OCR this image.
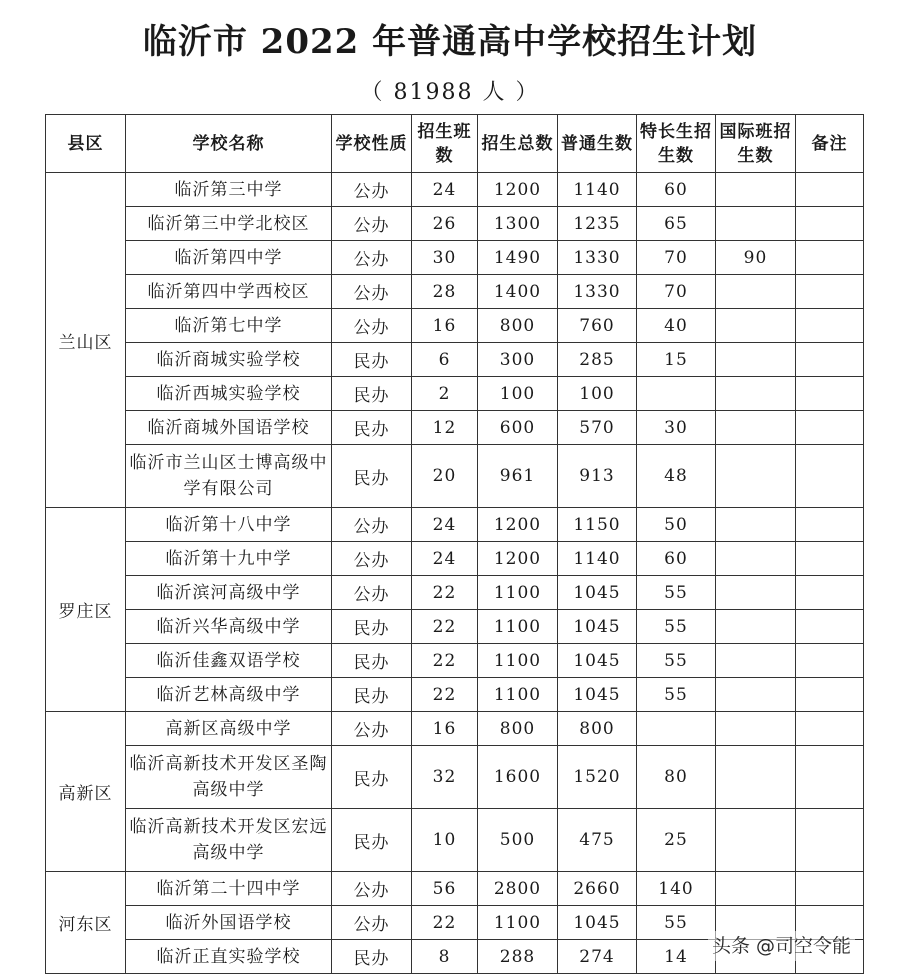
临沂市 2022 年普通高中学校招生计划
（ 81988 人 ）
县区	学校名称	学校性质	招生班数	招生总数	普通生数	特长生招生数	国际班招生数	备注
兰山区	临沂第三中学	公办	24	1200	1140	60		
	临沂第三中学北校区	公办	26	1300	1235	65		
	临沂第四中学	公办	30	1490	1330	70	90	
	临沂第四中学西校区	公办	28	1400	1330	70		
	临沂第七中学	公办	16	800	760	40		
	临沂商城实验学校	民办	6	300	285	15		
	临沂西城实验学校	民办	2	100	100			
	临沂商城外国语学校	民办	12	600	570	30		
	临沂市兰山区士博高级中学有限公司	民办	20	961	913	48		
罗庄区	临沂第十八中学	公办	24	1200	1150	50		
	临沂第十九中学	公办	24	1200	1140	60		
	临沂滨河高级中学	公办	22	1100	1045	55		
	临沂兴华高级中学	民办	22	1100	1045	55		
	临沂佳鑫双语学校	民办	22	1100	1045	55		
	临沂艺林高级中学	民办	22	1100	1045	55		
高新区	高新区高级中学	公办	16	800	800			
	临沂高新技术开发区圣陶高级中学	民办	32	1600	1520	80		
	临沂高新技术开发区宏远高级中学	民办	10	500	475	25		
河东区	临沂第二十四中学	公办	56	2800	2660	140		
	临沂外国语学校	公办	22	1100	1045	55		
	临沂正直实验学校	民办	8	288	274	14		头条 @司空令能
